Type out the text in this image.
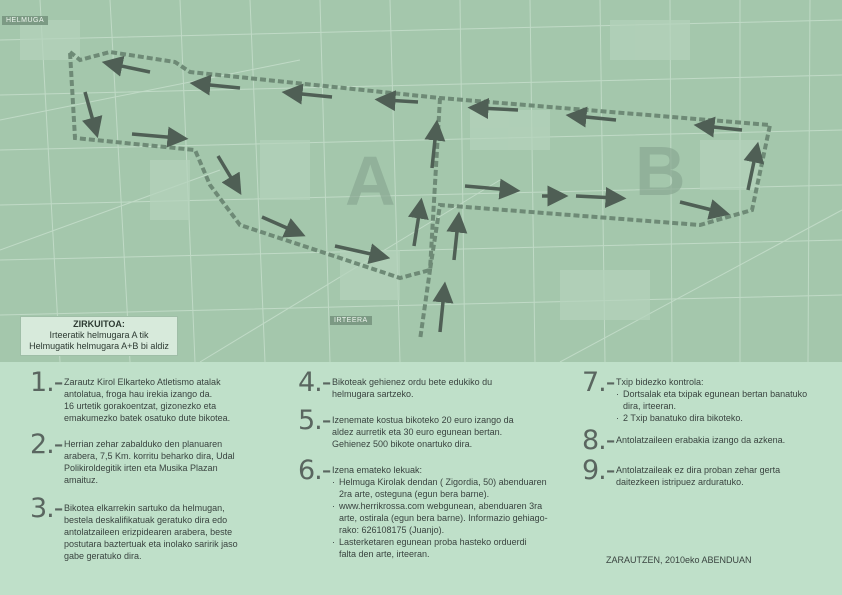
A	B
HELMUGA
IRTEERA
ZIRKUITOA:
Irteeratik helmugara A tik
Helmugatik helmugara A+B bi aldiz
ZARAUTZEN, 2010eko ABENDUAN
1.- Zarautz Kirol Elkarteko Atletismo atalak
antolatua, froga hau irekia izango da.
16 urtetik gorakoentzat, gizonezko eta
emakumezko batek osatuko dute bikotea.
2.- Herrian zehar zabalduko den planuaren
arabera, 7,5 Km. korritu beharko dira, Udal
Polikiroldegitik irten eta Musika Plazan
amaituz.
3.- Bikotea elkarrekin sartuko da helmugan,
bestela deskalifikatuak geratuko dira edo
antolatzaileen erizpidearen arabera, beste
postutara baztertuak eta inolako saririk jaso
gabe geratuko dira.
4.- Bikoteak gehienez ordu bete edukiko du
helmugara sartzeko.
5.- Izenemate kostua bikoteko 20 euro izango da
aldez aurretik eta 30 euro egunean bertan.
Gehienez 500 bikote onartuko dira.
6.- Izena emateko lekuak:
· Helmuga Kirolak dendan ( Zigordia, 50) abenduaren
2ra arte, osteguna (egun bera barne).
· www.herrikrossa.com webgunean, abenduaren 3ra
arte, ostirala (egun bera barne). Informazio gehiago-
rako: 626108175 (Juanjo).
· Lasterketaren egunean proba hasteko orduerdi
falta den arte, irteeran.
7.- Txip bidezko kontrola:
· Dortsalak eta txipak egunean bertan banatuko
dira, irteeran.
· 2 Txip banatuko dira bikoteko.
8.- Antolatzaileen erabakia izango da azkena.
9.- Antolatzaileak ez dira proban zehar gerta
daitezkeen istripuez arduratuko.
